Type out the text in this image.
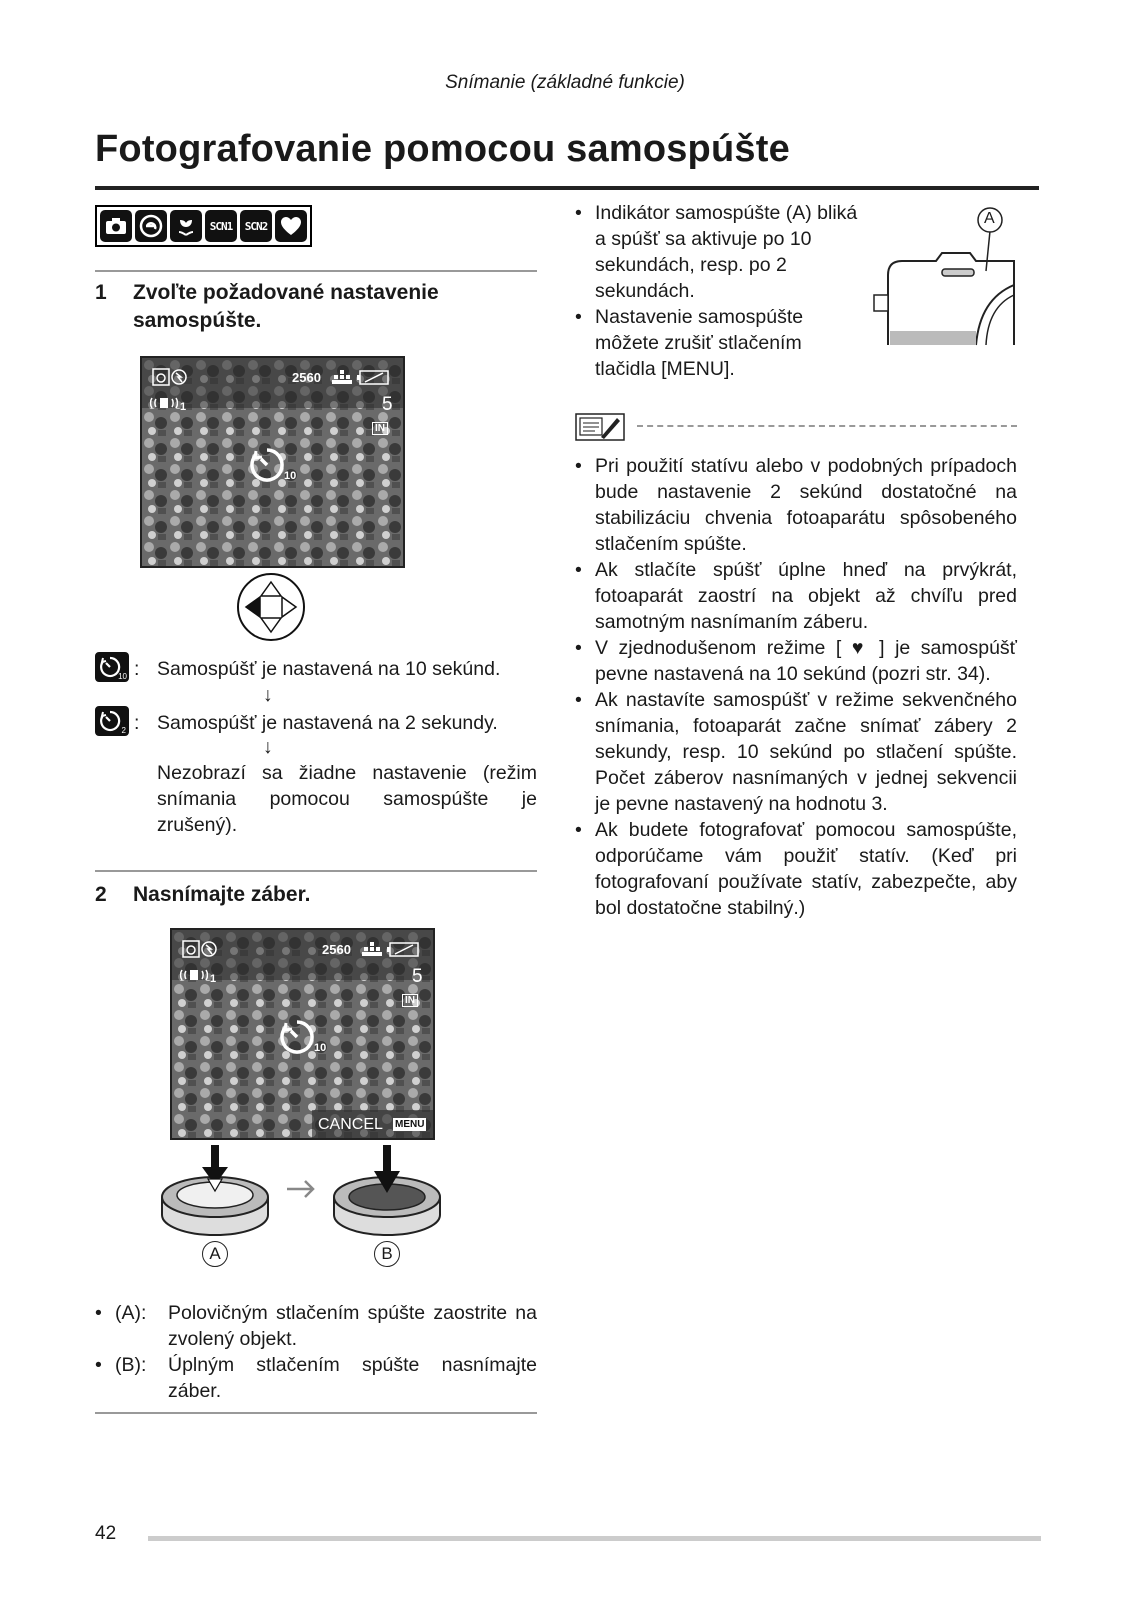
Snímanie (základné funkcie)
Fotografovanie pomocou samospúšte
SCN1	SCN2
1 Zvoľte požadované nastavenie
samospúšte.
2560
1	5
IN
10
10 : Samospúšť je nastavená na 10 sekúnd.
↓
2 : Samospúšť je nastavená na 2 sekundy.
↓
Nezobrazí sa žiadne nastavenie (režim snímania pomocou samospúšte je zrušený).
2 Nasnímajte záber.
2560
1	5
IN
10
CANCEL MENU
A	B
• (A): Polovičným stlačením spúšte zaostrite na zvolený objekt.
• (B): Úplným stlačením spúšte nasnímajte záber.
• Indikátor samospúšte (A) bliká a spúšť sa aktivuje po 10 sekundách, resp. po 2 sekundách.
• Nastavenie samospúšte môžete zrušiť stlačením tlačidla [MENU].
A
• Pri použití statívu alebo v podobných prípadoch bude nastavenie 2 sekúnd dostatočné na stabilizáciu chvenia fotoaparátu spôsobeného stlačením spúšte.
• Ak stlačíte spúšť úplne hneď na prvýkrát, fotoaparát zaostrí na objekt až chvíľu pred samotným nasnímaním záberu.
• V zjednodušenom režime [ ♥ ] je samospúšť pevne nastavená na 10 sekúnd (pozri str. 34).
• Ak nastavíte samospúšť v režime sekvenčného snímania, fotoaparát začne snímať zábery 2 sekundy, resp. 10 sekúnd po stlačení spúšte. Počet záberov nasnímaných v jednej sekvencii je pevne nastavený na hodnotu 3.
• Ak budete fotografovať pomocou samospúšte, odporúčame vám použiť statív. (Keď pri fotografovaní používate statív, zabezpečte, aby bol dostatočne stabilný.)
42
